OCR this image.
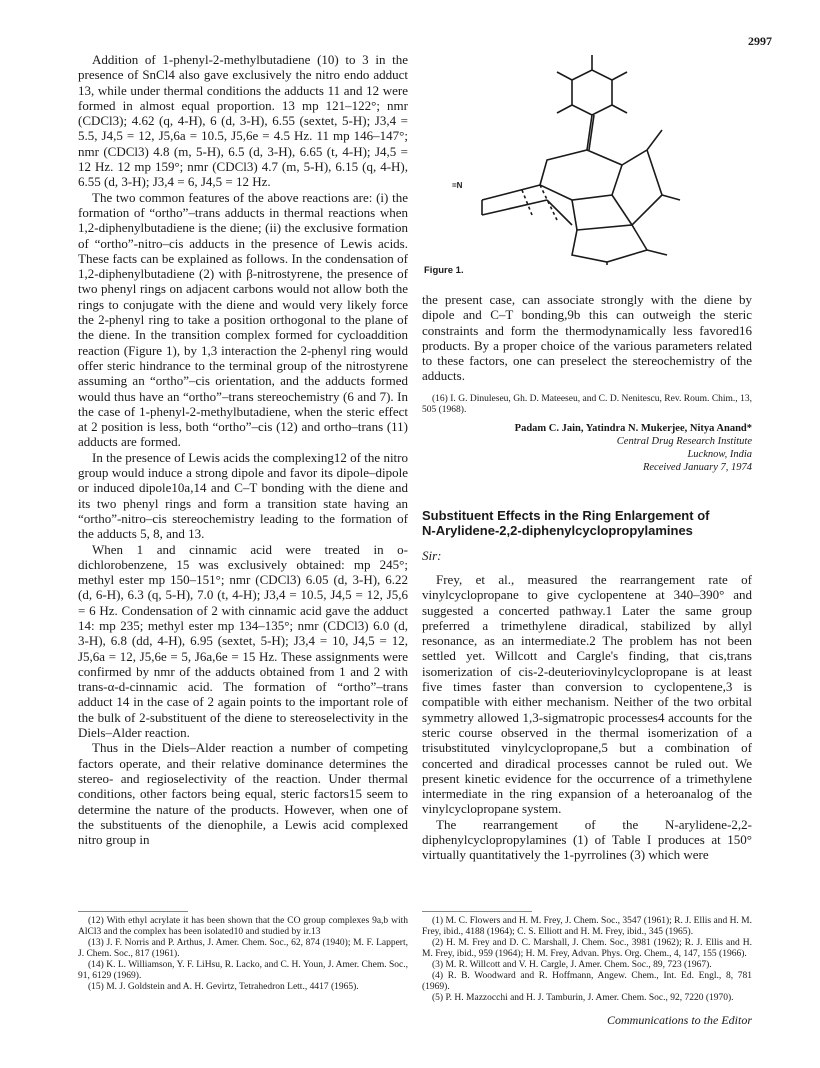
2997

Addition of 1-phenyl-2-methylbutadiene (10) to 3 in the presence of SnCl4 also gave exclusively the nitro endo adduct 13, while under thermal conditions the adducts 11 and 12 were formed in almost equal proportion. 13 mp 121–122°; nmr (CDCl3); 4.62 (q, 4-H), 6 (d, 3-H), 6.55 (sextet, 5-H); J3,4 = 5.5, J4,5 = 12, J5,6a = 10.5, J5,6e = 4.5 Hz. 11 mp 146–147°; nmr (CDCl3) 4.8 (m, 5-H), 6.5 (d, 3-H), 6.65 (t, 4-H); J4,5 = 12 Hz. 12 mp 159°; nmr (CDCl3) 4.7 (m, 5-H), 6.15 (q, 4-H), 6.55 (d, 3-H); J3,4 = 6, J4,5 = 12 Hz.

The two common features of the above reactions are: (i) the formation of “ortho”–trans adducts in thermal reactions when 1,2-diphenylbutadiene is the diene; (ii) the exclusive formation of “ortho”-nitro–cis adducts in the presence of Lewis acids. These facts can be explained as follows. In the condensation of 1,2-diphenylbutadiene (2) with β-nitrostyrene, the presence of two phenyl rings on adjacent carbons would not allow both the rings to conjugate with the diene and would very likely force the 2-phenyl ring to take a position orthogonal to the plane of the diene. In the transition complex formed for cycloaddition reaction (Figure 1), by 1,3 interaction the 2-phenyl ring would offer steric hindrance to the terminal group of the nitrostyrene assuming an “ortho”–cis orientation, and the adducts formed would thus have an “ortho”–trans stereochemistry (6 and 7). In the case of 1-phenyl-2-methylbutadiene, when the steric effect at 2 position is less, both “ortho”–cis (12) and ortho–trans (11) adducts are formed.

In the presence of Lewis acids the complexing12 of the nitro group would induce a strong dipole and favor its dipole–dipole or induced dipole10a,14 and C–T bonding with the diene and its two phenyl rings and form a transition state having an “ortho”-nitro–cis stereochemistry leading to the formation of the adducts 5, 8, and 13.

When 1 and cinnamic acid were treated in o-dichlorobenzene, 15 was exclusively obtained: mp 245°; methyl ester mp 150–151°; nmr (CDCl3) 6.05 (d, 3-H), 6.22 (d, 6-H), 6.3 (q, 5-H), 7.0 (t, 4-H); J3,4 = 10.5, J4,5 = 12, J5,6 = 6 Hz. Condensation of 2 with cinnamic acid gave the adduct 14: mp 235; methyl ester mp 134–135°; nmr (CDCl3) 6.0 (d, 3-H), 6.8 (dd, 4-H), 6.95 (sextet, 5-H); J3,4 = 10, J4,5 = 12, J5,6a = 12, J5,6e = 5, J6a,6e = 15 Hz. These assignments were confirmed by nmr of the adducts obtained from 1 and 2 with trans-α-d-cinnamic acid. The formation of “ortho”–trans adduct 14 in the case of 2 again points to the important role of the bulk of 2-substituent of the diene to stereoselectivity in the Diels–Alder reaction.

Thus in the Diels–Alder reaction a number of competing factors operate, and their relative dominance determines the stereo- and regioselectivity of the reaction. Under thermal conditions, other factors being equal, steric factors15 seem to determine the nature of the products. However, when one of the substituents of the dienophile, a Lewis acid complexed nitro group in

(12) With ethyl acrylate it has been shown that the CO group complexes 9a,b with AlCl3 and the complex has been isolated10 and studied by ir.13

(13) J. F. Norris and P. Arthus, J. Amer. Chem. Soc., 62, 874 (1940); M. F. Lappert, J. Chem. Soc., 817 (1961).

(14) K. L. Williamson, Y. F. LiHsu, R. Lacko, and C. H. Youn, J. Amer. Chem. Soc., 91, 6129 (1969).

(15) M. J. Goldstein and A. H. Gevirtz, Tetrahedron Lett., 4417 (1965).

=N
Figure 1.

the present case, can associate strongly with the diene by dipole and C–T bonding,9b this can outweigh the steric constraints and form the thermodynamically less favored16 products. By a proper choice of the various parameters related to these factors, one can preselect the stereochemistry of the adducts.

(16) I. G. Dinuleseu, Gh. D. Mateeseu, and C. D. Nenitescu, Rev. Roum. Chim., 13, 505 (1968).

Padam C. Jain, Yatindra N. Mukerjee, Nitya Anand*
Central Drug Research Institute
Lucknow, India
Received January 7, 1974
Substituent Effects in the Ring Enlargement of
N-Arylidene-2,2-diphenylcyclopropylamines
Sir:

Frey, et al., measured the rearrangement rate of vinylcyclopropane to give cyclopentene at 340–390° and suggested a concerted pathway.1 Later the same group preferred a trimethylene diradical, stabilized by allyl resonance, as an intermediate.2 The problem has not been settled yet. Willcott and Cargle's finding, that cis,trans isomerization of cis-2-deuteriovinylcyclopropane is at least five times faster than conversion to cyclopentene,3 is compatible with either mechanism. Neither of the two orbital symmetry allowed 1,3-sigmatropic processes4 accounts for the steric course observed in the thermal isomerization of a trisubstituted vinylcyclopropane,5 but a combination of concerted and diradical processes cannot be ruled out. We present kinetic evidence for the occurrence of a trimethylene intermediate in the ring expansion of a heteroanalog of the vinylcyclopropane system.

The rearrangement of the N-arylidene-2,2-diphenylcyclopropylamines (1) of Table I produces at 150° virtually quantitatively the 1-pyrrolines (3) which were

(1) M. C. Flowers and H. M. Frey, J. Chem. Soc., 3547 (1961); R. J. Ellis and H. M. Frey, ibid., 4188 (1964); C. S. Elliott and H. M. Frey, ibid., 345 (1965).

(2) H. M. Frey and D. C. Marshall, J. Chem. Soc., 3981 (1962); R. J. Ellis and H. M. Frey, ibid., 959 (1964); H. M. Frey, Advan. Phys. Org. Chem., 4, 147, 155 (1966).

(3) M. R. Willcott and V. H. Cargle, J. Amer. Chem. Soc., 89, 723 (1967).

(4) R. B. Woodward and R. Hoffmann, Angew. Chem., Int. Ed. Engl., 8, 781 (1969).

(5) P. H. Mazzocchi and H. J. Tamburin, J. Amer. Chem. Soc., 92, 7220 (1970).

Communications to the Editor
